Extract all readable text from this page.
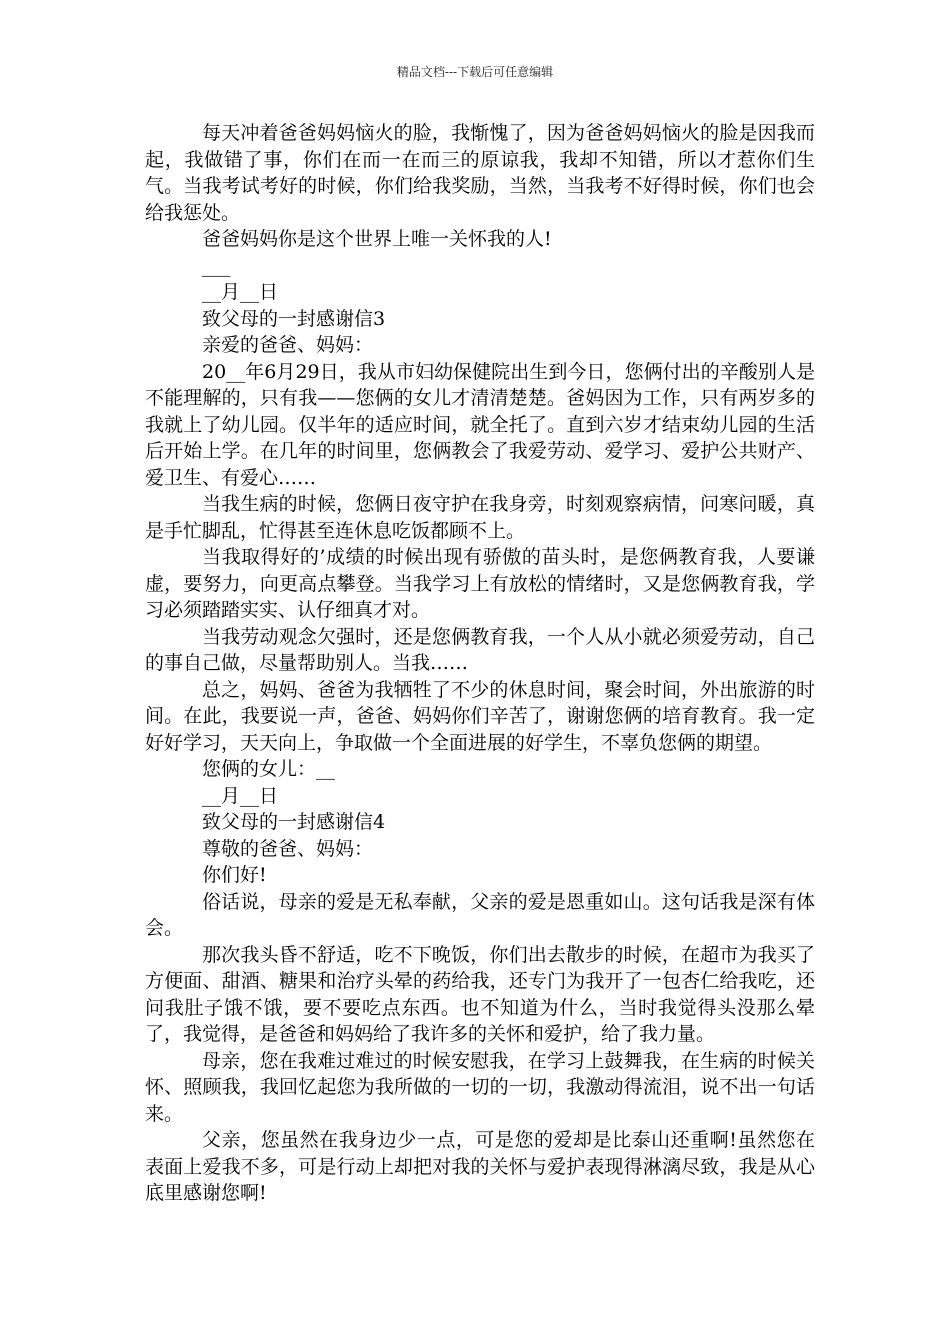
精品文档---下载后可任意编辑

每天冲着爸爸妈妈恼火的脸，我惭愧了，因为爸爸妈妈恼火的脸是因我而起，我做错了事，你们在而一在而三的原谅我，我却不知错，所以才惹你们生气。当我考试考好的时候，你们给我奖励，当然，当我考不好得时候，你们也会给我惩处。

爸爸妈妈你是这个世界上唯一关怀我的人!

___

__月__日

致父母的一封感谢信3

亲爱的爸爸、妈妈：

20__年6月29日，我从市妇幼保健院出生到今日，您俩付出的辛酸别人是不能理解的，只有我——您俩的女儿才清清楚楚。爸妈因为工作，只有两岁多的我就上了幼儿园。仅半年的适应时间，就全托了。直到六岁才结束幼儿园的生活后开始上学。在几年的时间里，您俩教会了我爱劳动、爱学习、爱护公共财产、爱卫生、有爱心……

当我生病的时候，您俩日夜守护在我身旁，时刻观察病情，问寒问暖，真是手忙脚乱，忙得甚至连休息吃饭都顾不上。

当我取得好的’成绩的时候出现有骄傲的苗头时，是您俩教育我，人要谦虚，要努力，向更高点攀登。当我学习上有放松的情绪时，又是您俩教育我，学习必须踏踏实实、认仔细真才对。

当我劳动观念欠强时，还是您俩教育我，一个人从小就必须爱劳动，自己的事自己做，尽量帮助别人。当我……

总之，妈妈、爸爸为我牺牲了不少的休息时间，聚会时间，外出旅游的时间。在此，我要说一声，爸爸、妈妈你们辛苦了，谢谢您俩的培育教育。我一定好好学习，天天向上，争取做一个全面进展的好学生，不辜负您俩的期望。

您俩的女儿：__

__月__日

致父母的一封感谢信4

尊敬的爸爸、妈妈：

你们好!

俗话说，母亲的爱是无私奉献，父亲的爱是恩重如山。这句话我是深有体会。

那次我头昏不舒适，吃不下晚饭，你们出去散步的时候，在超市为我买了方便面、甜酒、糖果和治疗头晕的药给我，还专门为我开了一包杏仁给我吃，还问我肚子饿不饿，要不要吃点东西。也不知道为什么，当时我觉得头没那么晕了，我觉得，是爸爸和妈妈给了我许多的关怀和爱护，给了我力量。

母亲，您在我难过难过的时候安慰我，在学习上鼓舞我，在生病的时候关怀、照顾我，我回忆起您为我所做的一切的一切，我激动得流泪，说不出一句话来。

父亲，您虽然在我身边少一点，可是您的爱却是比泰山还重啊!虽然您在表面上爱我不多，可是行动上却把对我的关怀与爱护表现得淋漓尽致，我是从心底里感谢您啊!
